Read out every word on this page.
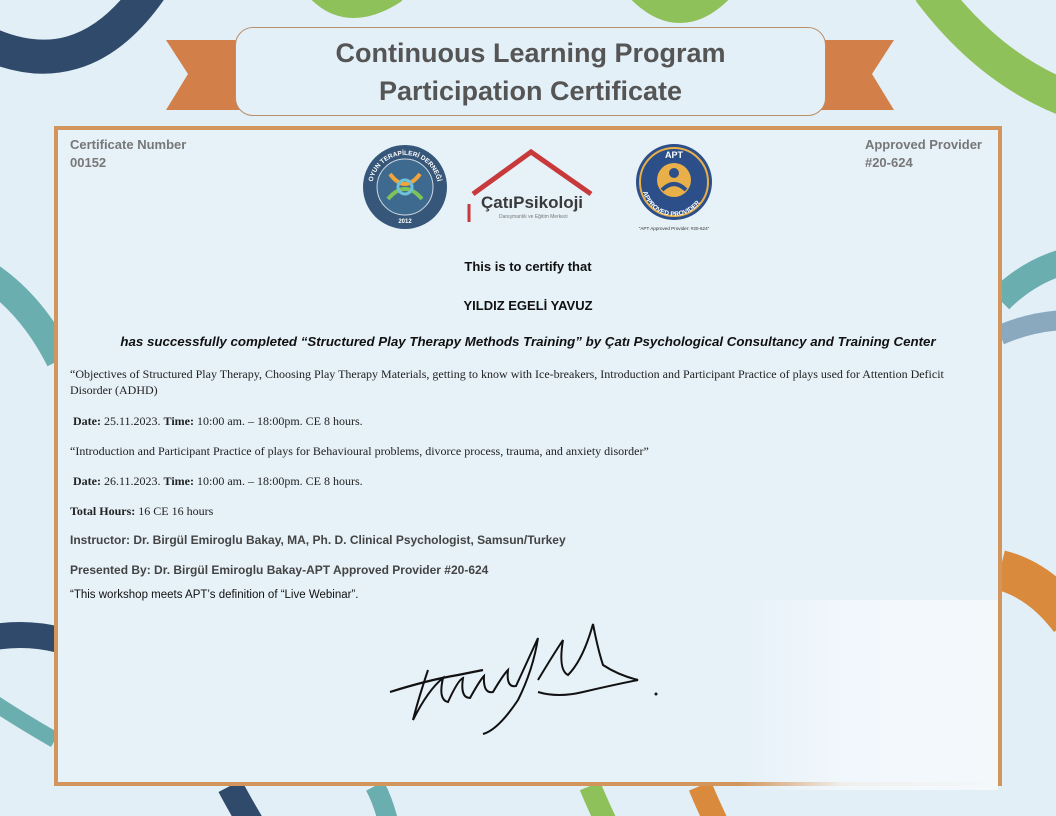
Continuous Learning Program
Participation Certificate
Certificate Number
00152
Approved Provider
#20-624
OYUN TERAPİLERİ DERNEĞİ
2012
ÇatıPsikoloji
Danışmanlık ve Eğitim Merkezi
APT
APPROVED PROVIDER
"APT Approved Provider: #20-624"
This is to certify that
YILDIZ EGELİ YAVUZ
has successfully completed “Structured Play Therapy Methods Training” by Çatı Psychological Consultancy and Training Center
“Objectives of Structured Play Therapy, Choosing Play Therapy Materials, getting to know with Ice-breakers, Introduction and Participant Practice of plays used for Attention Deficit Disorder (ADHD)
Date: 25.11.2023. Time: 10:00 am. – 18:00pm. CE 8 hours.
“Introduction and Participant Practice of plays for Behavioural problems, divorce process, trauma, and anxiety disorder”
Date: 26.11.2023. Time: 10:00 am. – 18:00pm. CE 8 hours.
Total Hours: 16 CE 16 hours
Instructor: Dr. Birgül Emiroglu Bakay, MA, Ph. D. Clinical Psychologist, Samsun/Turkey
Presented By: Dr. Birgül Emiroglu Bakay-APT Approved Provider #20-624
“This workshop meets APT’s definition of “Live Webinar”.
